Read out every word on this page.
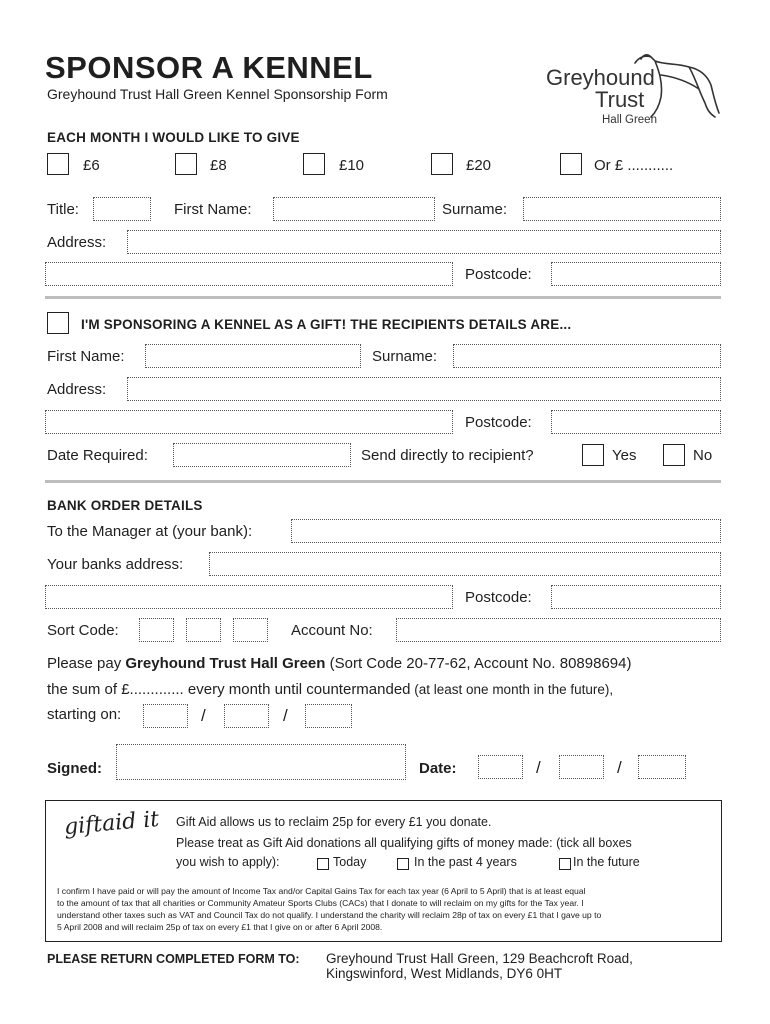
SPONSOR A KENNEL
Greyhound Trust Hall Green Kennel Sponsorship Form
Greyhound
Trust
Hall Green
EACH MONTH I WOULD LIKE TO GIVE
£6	£8	£10	£20	Or £ ...........
Title:	First Name:	Surname:
Address:
Postcode:
I'M SPONSORING A KENNEL AS A GIFT! THE RECIPIENTS DETAILS ARE...
First Name:	Surname:
Address:
Postcode:
Date Required:	Send directly to recipient?	Yes	No
BANK ORDER DETAILS
To the Manager at (your bank):
Your banks address:
Postcode:
Sort Code:	Account No:
Please pay Greyhound Trust Hall Green (Sort Code 20-77-62, Account No. 80898694)
the sum of £............. every month until countermanded (at least one month in the future),
starting on:	/	/
Signed:	Date:	/	/
giftaid it Gift Aid allows us to reclaim 25p for every £1 you donate.
Please treat as Gift Aid donations all qualifying gifts of money made: (tick all boxes
you wish to apply):	Today	In the past 4 years	In the future
I confirm I have paid or will pay the amount of Income Tax and/or Capital Gains Tax for each tax year (6 April to 5 April) that is at least equal
to the amount of tax that all charities or Community Amateur Sports Clubs (CACs) that I donate to will reclaim on my gifts for the Tax year. I
understand other taxes such as VAT and Council Tax do not qualify. I understand the charity will reclaim 28p of tax on every £1 that I gave up to
5 April 2008 and will reclaim 25p of tax on every £1 that I give on or after 6 April 2008.
PLEASE RETURN COMPLETED FORM TO: Greyhound Trust Hall Green, 129 Beachcroft Road,
Kingswinford, West Midlands, DY6 0HT
